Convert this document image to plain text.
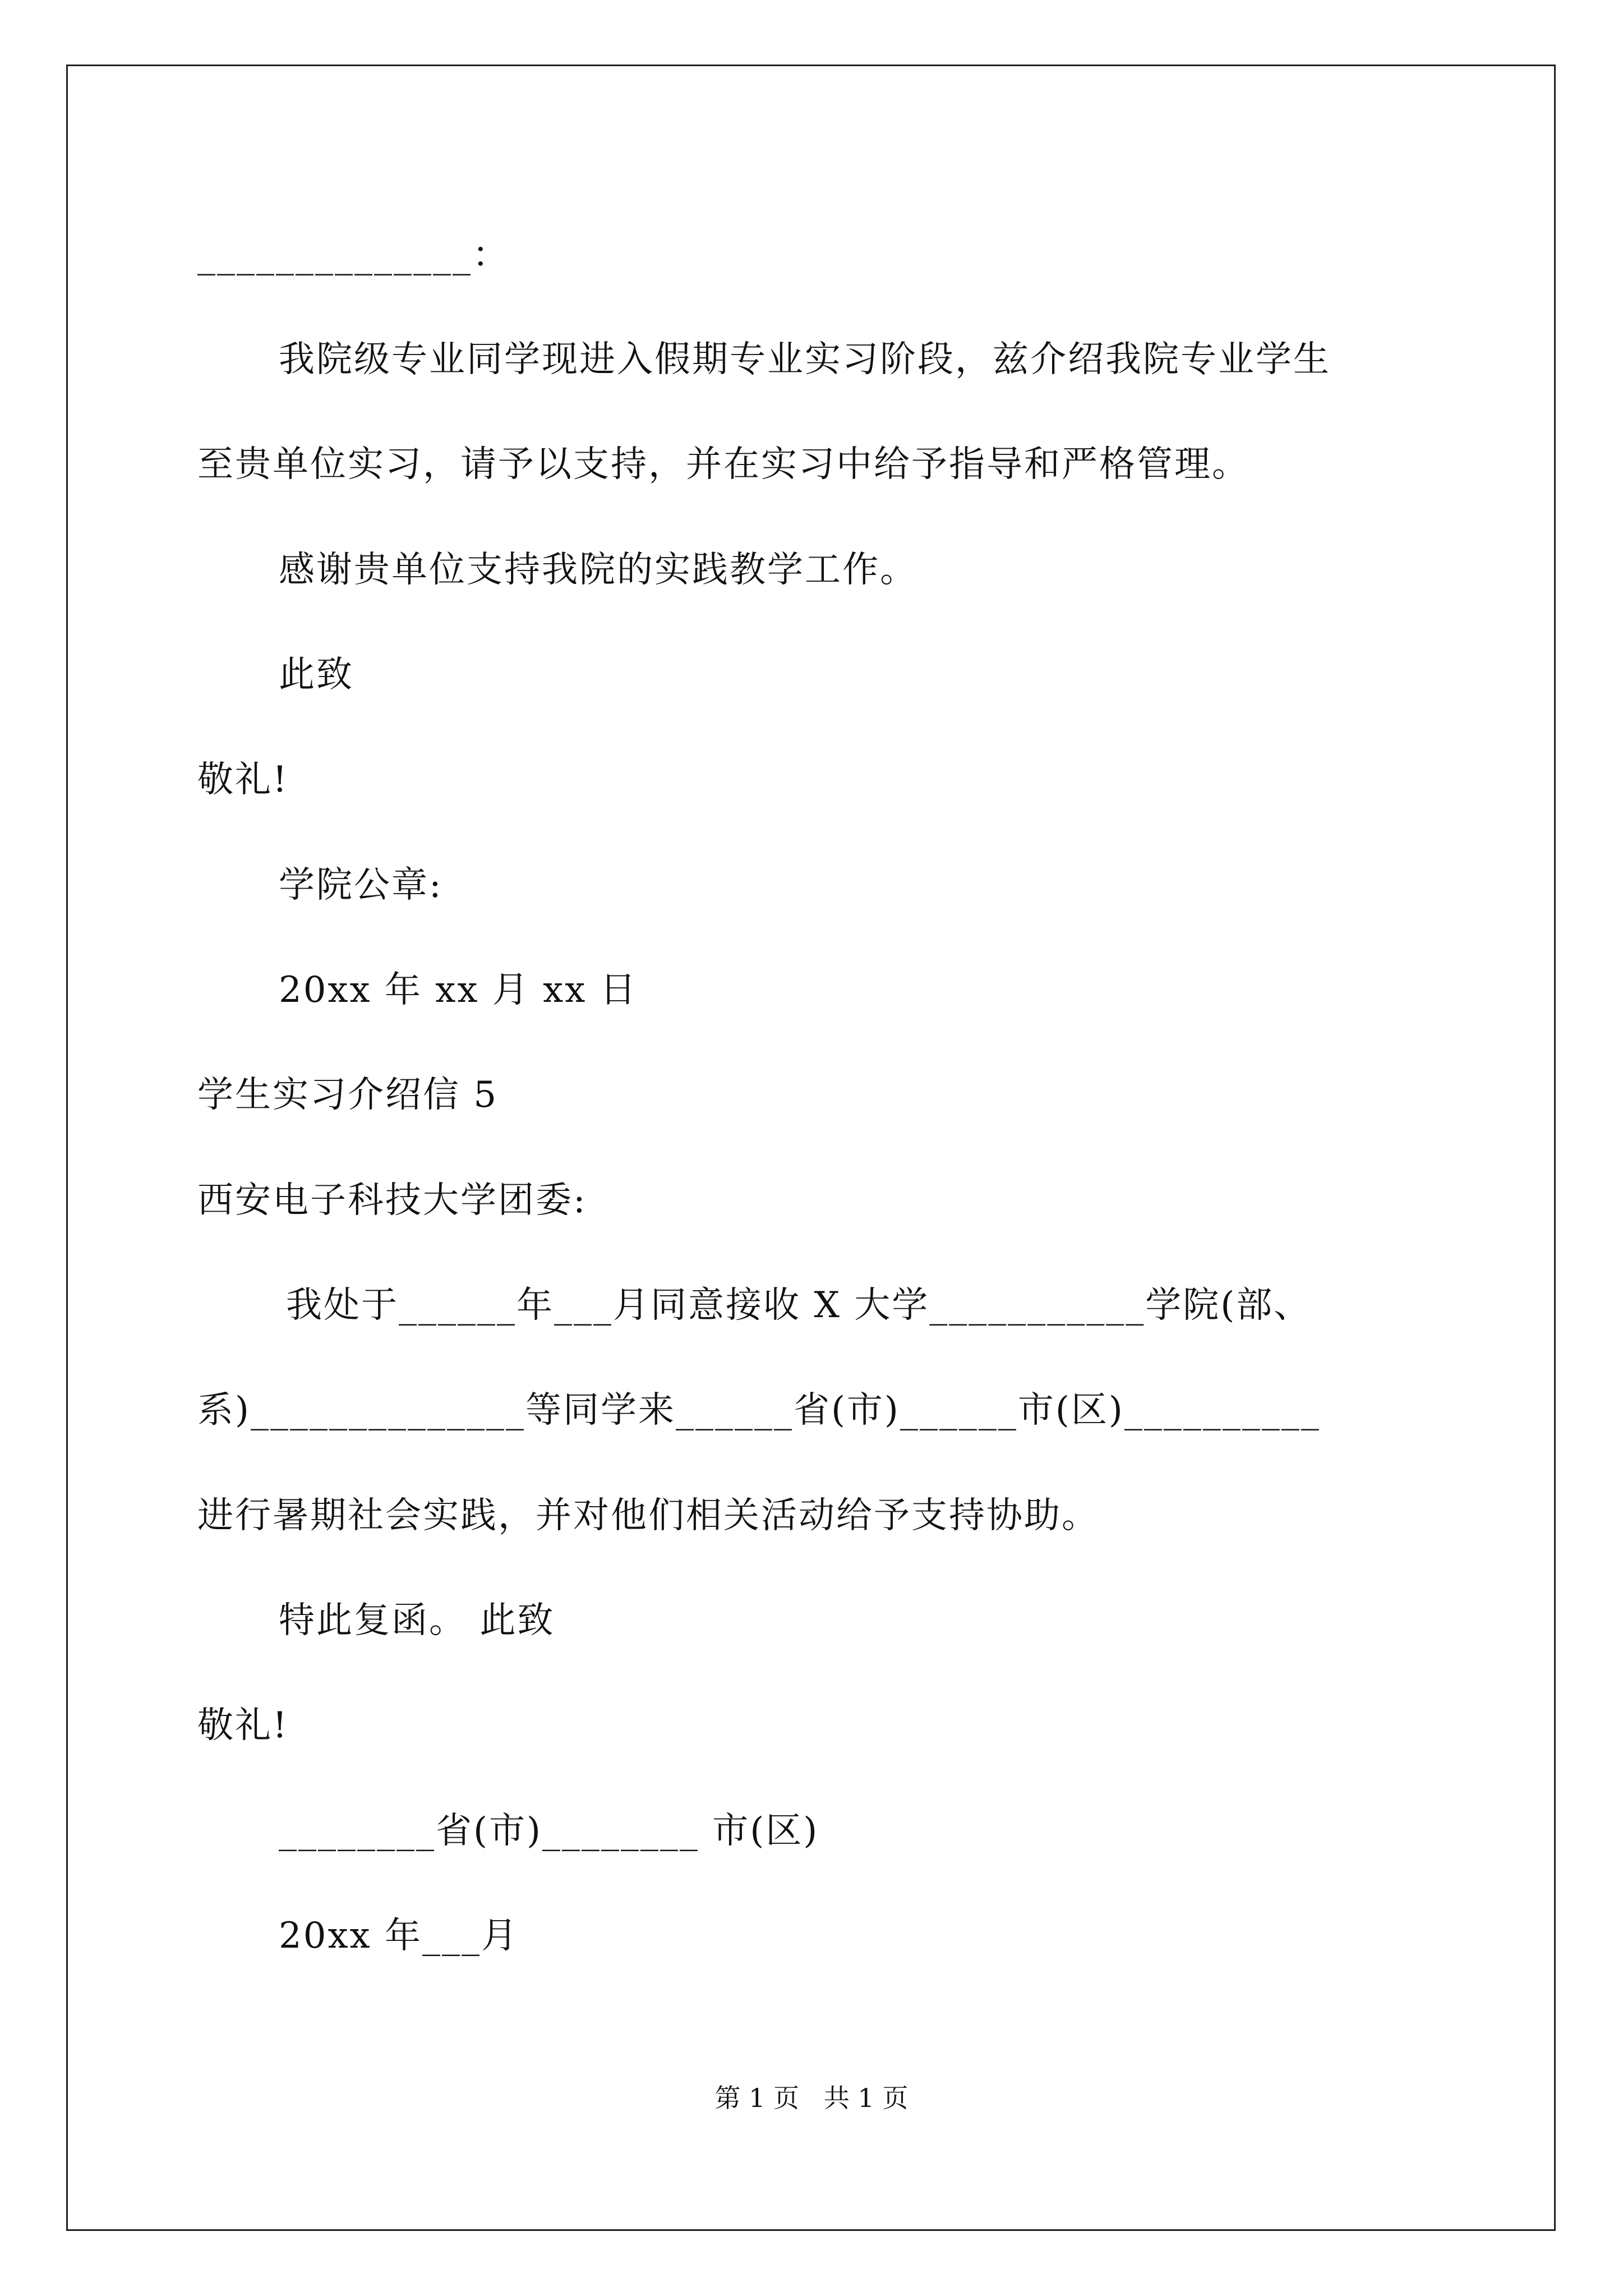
______________：
我院级专业同学现进入假期专业实习阶段，兹介绍我院专业学生
至贵单位实习，请予以支持，并在实习中给予指导和严格管理。
感谢贵单位支持我院的实践教学工作。
此致
敬礼!
学院公章:
20xx 年 xx 月 xx 日
学生实习介绍信 5
西安电子科技大学团委:
我处于______年___月同意接收 X 大学___________学院(部、
系)______________等同学来______省(市)______市(区)__________
进行暑期社会实践，并对他们相关活动给予支持协助。
特此复函。 此致
敬礼!
________省(市)________ 市(区)
20xx 年___月
第 1 页   共 1 页
